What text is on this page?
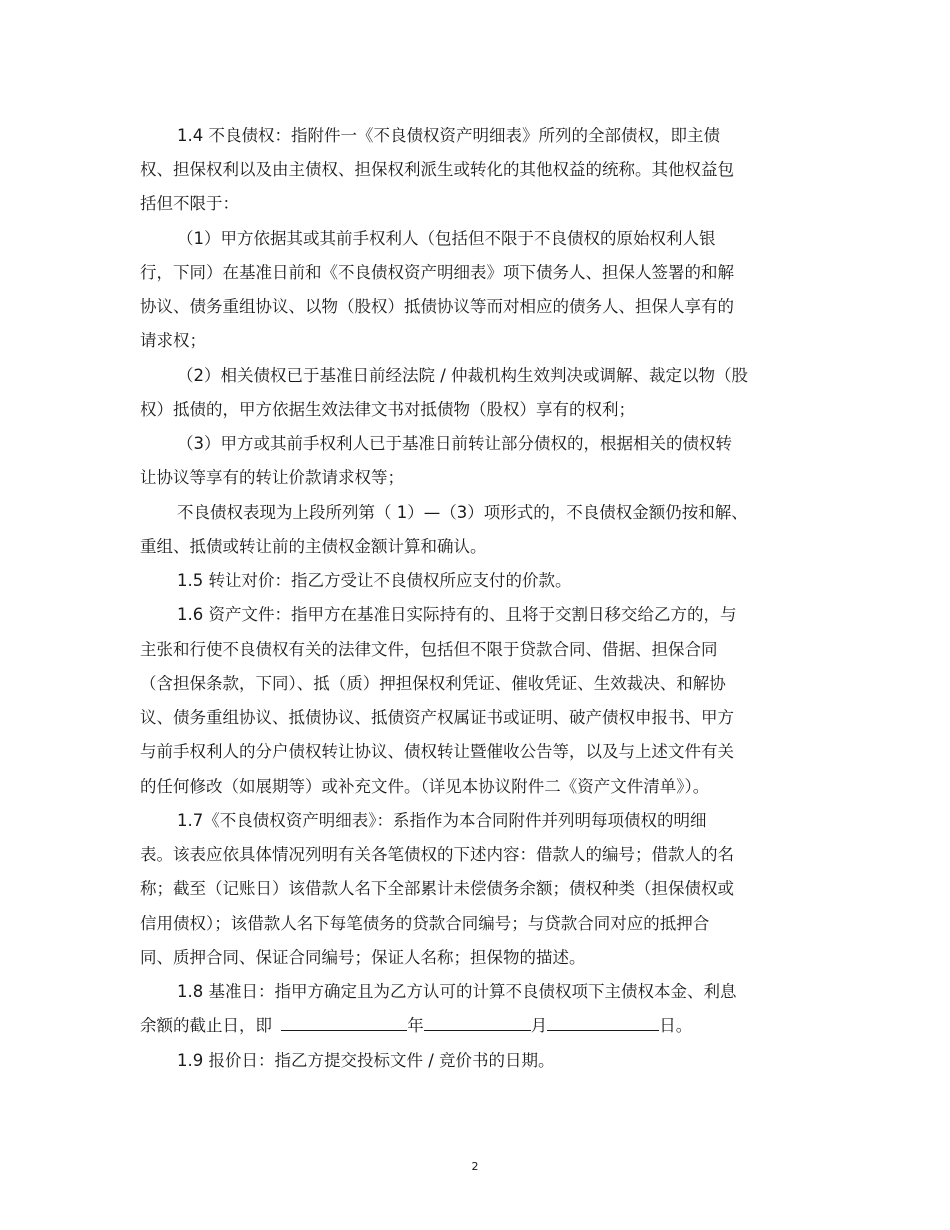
1.4 不良债权：指附件一《不良债权资产明细表》所列的全部债权，即主债
权、担保权利以及由主债权、担保权利派生或转化的其他权益的统称。其他权益包
括但不限于：
（1）甲方依据其或其前手权利人（包括但不限于不良债权的原始权利人银
行，下同）在基准日前和《不良债权资产明细表》项下债务人、担保人签署的和解
协议、债务重组协议、以物（股权）抵债协议等而对相应的债务人、担保人享有的
请求权；
（2）相关债权已于基准日前经法院 / 仲裁机构生效判决或调解、裁定以物（股
权）抵债的，甲方依据生效法律文书对抵债物（股权）享有的权利；
（3）甲方或其前手权利人已于基准日前转让部分债权的，根据相关的债权转
让协议等享有的转让价款请求权等；
不良债权表现为上段所列第（ 1）—（3）项形式的，不良债权金额仍按和解、
重组、抵债或转让前的主债权金额计算和确认。
1.5 转让对价：指乙方受让不良债权所应支付的价款。
1.6 资产文件：指甲方在基准日实际持有的、且将于交割日移交给乙方的，与
主张和行使不良债权有关的法律文件，包括但不限于贷款合同、借据、担保合同
（含担保条款，下同）、抵（质）押担保权利凭证、催收凭证、生效裁决、和解协
议、债务重组协议、抵债协议、抵债资产权属证书或证明、破产债权申报书、甲方
与前手权利人的分户债权转让协议、债权转让暨催收公告等，以及与上述文件有关
的任何修改（如展期等）或补充文件。（详见本协议附件二《资产文件清单》）。
1.7《不良债权资产明细表》：系指作为本合同附件并列明每项债权的明细
表。该表应依具体情况列明有关各笔债权的下述内容：借款人的编号；借款人的名
称；截至（记账日）该借款人名下全部累计未偿债务余额；债权种类（担保债权或
信用债权）；该借款人名下每笔债务的贷款合同编号；与贷款合同对应的抵押合
同、质押合同、保证合同编号；保证人名称；担保物的描述。
1.8 基准日：指甲方确定且为乙方认可的计算不良债权项下主债权本金、利息
余额的截止日，即	年	月	日。
1.9 报价日：指乙方提交投标文件 / 竞价书的日期。
2
